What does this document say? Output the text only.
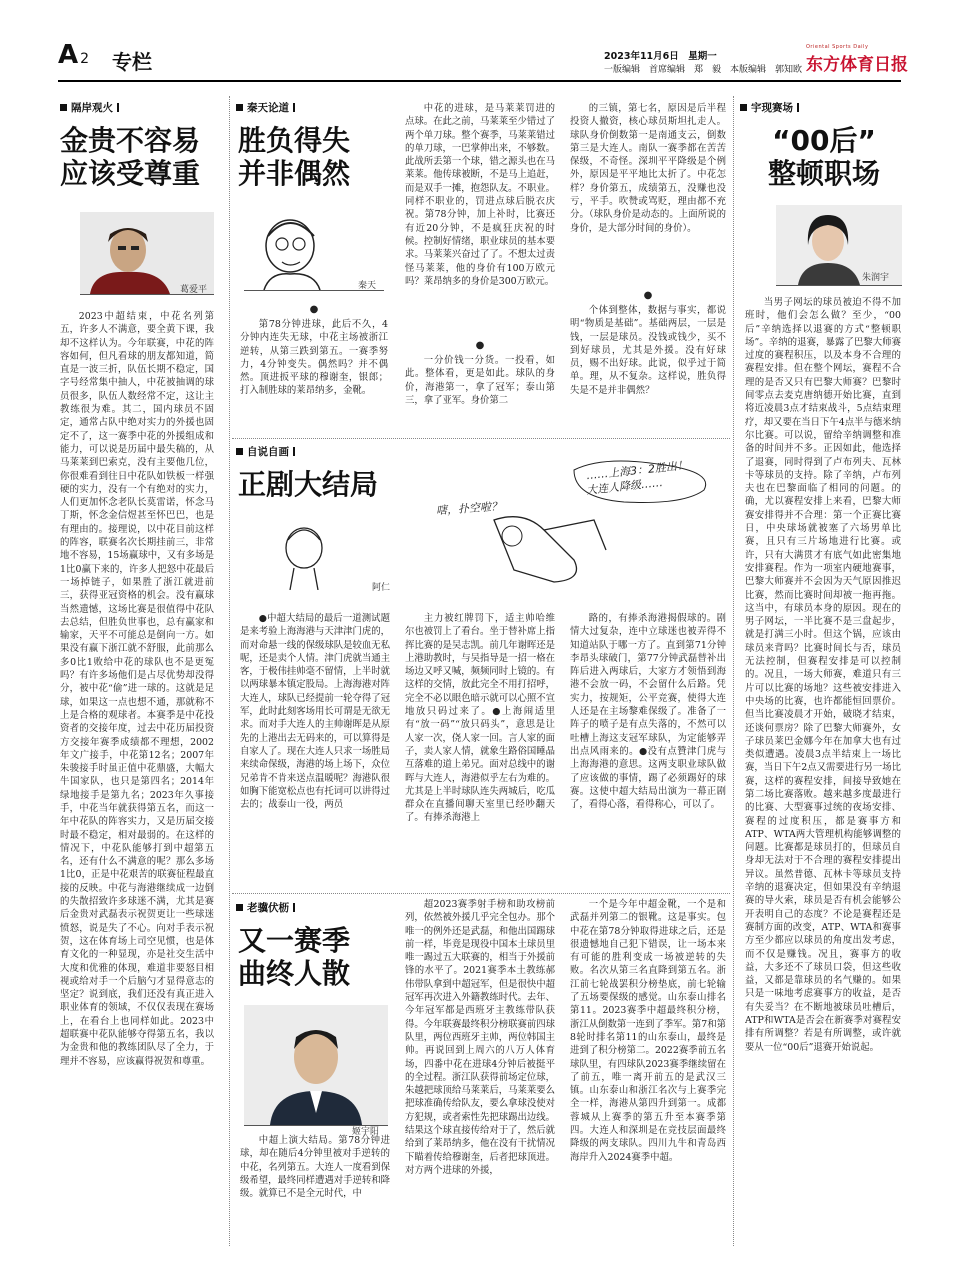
A 2 专栏	2023年11月6日　星期一
一版编辑　首席编辑　郑　毅　本版编辑　郭知欧
Oriental Sports Daily
东方体育日报
隔岸观火
金贵不容易
应该受尊重
葛爱平

2023中超结束，中花名列第五，许多人不满意，要全黄下课，我却不这样认为。今年联赛，中花的阵容如何，但凡看球的朋友都知道，简直是一波三折，队伍长期不稳定，国字号经常集中抽人，中花被抽调的球员很多，队伍人数经常不定，这让主教练很为难。其二，国内球员不固定，通常占队中绝对实力的外援也固定不了，这一赛季中花的外援组成和能力，可以说是历届中最失稿的，从马莱莱到巴索克，没有主要他几位，你很难看到往日中花队如铁板一样强硬的实力，没有一个有绝对的实力，人们更加怀念老队长莫雷诺，怀念马丁斯，怀念金信煜甚至怀巴巴，也是有理由的。接理说，以中花目前这样的阵容，联赛名次长期挂前三，非常地不容易，15场赢球中，又有多场是1比0赢下来的，许多人把怒中花最后一场掉链子，如果胜了浙江就进前三，获得亚冠资格的机会。没有赢球当然遗憾，这场比赛是很值得中花队去总结，但胜负世事也，总有赢家和输家，天平不可能总是倒向一方。如果没有赢下浙江就不舒服，此前那么多0比1败给中花的球队也不是更冤吗？有许多场他们是占尽优势却没得分，被中花“偷”进一球的。这就是足球，如果这一点也想不通，那就称不上是合格的观球者。本赛季是中花投资者的交接年度，过去中花历届投资方交接年赛季成绩都不理想，2002年文广接手，中花第12名；2007年朱骏接手时虽正值中花鼎盛，大幅大牛国家队，也只是第四名；2014年绿地接手是第九名；2023年久事接手，中花当年就获得第五名，而这一年中花队的阵容实力，又是历届交接时最不稳定，相对最弱的。在这样的情况下，中花队能够打到中超第五名，还有什么不满意的呢？那么多场1比0，正是中花艰苦的联赛征程最直接的反映。中花与海港继续成一边倒的失散招致许多球迷不满，尤其是赛后金贵对武磊表示祝贺更让一些球迷愤怒，说是失了不心。向对手表示祝贺，这在体育场上司空见惯，也是体育文化的一种显现，亦是社交生活中大度和优雅的体现，难道非要怒目相视或给对手一个后脑勺才显得意志的坚定？说到底，我们还没有真正进入职业体育的领域，不仅仅表现在赛场上，在看台上也同样如此。2023中超联赛中花队能够夺得第五名，我以为金贵和他的教练团队尽了全力，于理并不容易，应该赢得祝贺和尊重。

秦天论道
胜负得失
并非偶然
秦天
●

第78分钟进球，此后不久，4分钟内连失无球，中花主场被浙江逆转，从第三跌到第五。一赛季努力，4分钟变失。偶然吗？并不偶然。顶进扳平球的穆谢奎，银郎；打入制胜球的莱昂纳多，金靴。

中花的进球，是马莱莱罚进的点球。在此之前，马莱莱至少错过了两个单刀球。整个赛季，马莱莱错过的单刀球，一巴掌伸出来，不够数。此战所丢第一个球，错之源头也在马莱莱。他传球被断，不是马上追赶，而是双手一摊，抱怨队友。不职业。同样不职业的，罚进点球后脱衣庆祝。第78分钟，加上补时，比赛还有近20分钟，不是疯狂庆祝的时候。控制好情绪，职业球员的基本要求。马莱莱兴奋过了了。不想太过责怪马莱莱，他的身价有100万欧元吗？莱昂纳多的身价是300万欧元。

●

一分价钱一分货。一投看，如此。整体看，更是如此。球队的身价，海港第一，拿了冠军；泰山第三，拿了亚军。身价第二

的三镇，第七名，原因是后半程投资人撤资，核心球员斯坦扎走人。球队身价倒数第一是南通支云，倒数第三是大连人。南队一赛季都在苦苦保级，不奇怪。深圳平平降级是个例外，原因是平平地比太折了。中花怎样？身价第五，成绩第五，没赚也没亏，平手。吹赞或骂贬，理由都不充分。（球队身价是动态的。上面所说的身价，是大部分时间的身价）。

●

个体到整体，数据与事实，都说明“物质是基础”。基础两层，一层是钱，一层是球员。没钱或钱少，买不到好球员，尤其是外援。没有好球员，赐不出好球。此说，似乎过于简单。理，从不复杂。这样说，胜负得失是不是并非偶然？

自说自画
正剧大结局	……上海3：2胜出！
大连人降级……
嗐，扑空啦？
阿仁

●中超大结局的最后一道测试题是来考验上海海港与天津津门虎的，而对命悬一线的保级球队是较血无私呢，还是卖个人情。津门虎就当通主客，于极伟挂帅毫不留情，上半时就以两球暴本镇定股局。上海海港对阵大连人，球队已经提前一轮夺得了冠军，此时此刻客场用长可谓是无欲无求。而对手大连人的主帅谢晖是从原先的上港出去无码来的，可以算得是自家人了。现在大连人只求一场胜局来续命保级，海港的场上场下，众位兄弟肯不肯来送点温暖呢？海港队很如胸下能宽松点也有托词可以讲得过去的；战泰山一役，两员

主力被红牌罚下，适主帅哈维尔也被罚上了看台。坐于替补席上指挥比赛的是吴志凯。前几年谢晖还是上港助教时，与吴指导是一招一格在场边又呼又喊，频频同时上镜的。有这样的交情，放此完全不用打招呼，完全不必以眼色暗示就可以心照不宣地放只码过来了。●上海闹适里有“放一码”“放只码头”，意思是让人家一次，侥人家一回。言人家的面子，卖人家人情，就象生路俗国睡晶互落难的道上弟兄。面对总线中的谢晖与大连人，海港似乎左右为难的。尤其是上半时球队连失两城后，吃瓜群众在直播间聊天室里已经吵翻天了。有捧杀海港上

路的，有捧杀海港揭假球的。剧情大过复杂，连中立球迷也被弄得不知道站队于哪一方了。直到第71分钟李昂头球破门，第77分钟武磊替补出阵后进入两球后，大家方才领悟到海港不会放一码，不会留什么后路。凭实力，按规矩，公平竞赛，使得大连人还是在主场黎难保级了。准备了一阵子的喷子是有点失落的，不然可以吐槽上海这支冠军球队，为定能够弄出点风雨来的。●没有点贊津门虎与上海海港的意思。这两支职业球队做了应该做的事情，踢了必须踢好的球赛。这使中超大结局出演为一幕正剧了，看得心落，看得称心，可以了。

老骥伏枥
又一赛季
曲终人散
姬宇阳

中超上演大结局。第78分钟进球，却在随后4分钟里被对手逆转的中花，名列第五。大连人一度看到保级希望，最终同样遭遇对手逆转和降级。就算已不是全元时代，中

超2023赛季射手榜和助攻榜前列，依然被外援几乎完全包办。那个唯一的例外还是武磊，和他出国踢球前一样，毕竟是现役中国本土球员里唯一踢过五大联赛的，相当于外援前锋的水平了。2021赛季本土教练郝伟带队拿到中超冠军，但是很快中超冠军再次进入外籍教练时代。去年、今年冠军都是西班牙主教练带队获得。今年联赛最终积分榜联赛前四球队里，两位西班牙主帅，两位韩国主帅。再说回到上周六的八万人体育场，四番中花在进球4分钟后被挺平的全过程。浙江队获得前场定位球，朱越把球顶给马莱莱后，马莱莱要么把球准确传给队友，要么拿球没使对方犯规，或者索性先把球踢出边线。结果这个球直接传给对于了，然后就给到了莱昂纳多，他在没有干扰情况下瞄着传给穆谢奎，后者把球顶进。对方两个进球的外援，

一个是今年中超金靴，一个是和武磊并列第二的银靴。这是事实。包中花在第78分钟取得进球之后，还是很遗憾地自己犯下错误，让一场本来有可能的胜利变成一场被逆转的失败。名次从第三名直降到第五名。浙江前七轮战罢积分榜垫底，前七轮输了五场要保级的感觉。山东泰山排名第11。2023赛季中超最终积分榜，浙江从倒数第一连到了季军。第7和第8轮时排名第11的山东泰山，最终是进到了积分榜第二。2022赛季前五名球队里，有四球队2023赛季继续留在了前五，唯一离开前五的是武汉三镇。山东泰山和浙江名次与上赛季完全一样，海港从第四升到第一。成都蓉城从上赛季的第五升至本赛季第四。大连人和深圳是在竞技层面最终降级的两支球队。四川九牛和青岛西海岸升入2024赛季中超。

宇现赛场
“00后”
整顿职场
朱润宇

当男子网坛的球员被迫不得不加班时，他们会怎么做？至少，“00后”辛纳选择以退赛的方式“整顿职场”。辛纳的退赛，暴露了巴黎大师赛过度的赛程积压，以及本身不合理的赛程安排。但在整个网坛，赛程不合理的是否又只有巴黎大师赛？巴黎时间零点去麦克唐纳德开始比赛，直到将近凌晨3点才结束战斗，5点结束理疗，却又要在当日下午4点半与德米纳尔比赛。可以说，留给辛纳调整和准备的时间并不多。正因如此，他选择了退赛，同时得到了卢布列夫、瓦林卡等球员的支持。除了辛纳，卢布列夫也在巴黎面临了相同的问题。的确，尤以赛程安排上来看，巴黎大师赛安排得并不合理：第一个正赛比赛日，中央球场就被塞了六场男单比赛，且只有三片场地进行比赛。或许，只有大满贯才有底气如此密集地安排赛程。作为一项室内硬地赛事，巴黎大师赛并不会因为天气原因推迟比赛，然而比赛时间却被一拖再拖。这当中，有球员本身的原因。现在的男子网坛，一半比赛不是三盘起步，就是打满三小时。但这个锅，应该由球员来背吗？比赛时间长与否，球员无法控制，但赛程安排是可以控制的。况且，一场大师赛，难道只有三片可以比赛的场地？这些被安排进入中央场的比赛，也许都能恒回票价。但当比赛凌晨才开始，破晓才结束，还谈何票房？除了巴黎大师赛外，女子球员莱巴金娜今年在加拿大也有过类似遭遇。凌晨3点半结束上一场比赛，当日下午2点又需要进行另一场比赛，这样的赛程安排，间接导致她在第二场比赛落败。越来越多度最进行的比赛、大型赛事过统的夜场安排、赛程的过度积压，都是赛事方和ATP、WTA两大管理机构能够调整的问题。比赛都是球员打的，但球员自身却无法对于不合理的赛程安排提出异议。虽然普德、瓦林卡等球员支持辛纳的退赛决定，但如果没有辛纳退赛的导火索，球员是否有机会能够公开表明自己的态度？不论是赛程还是赛制方面的改变，ATP、WTA和赛事方至少都应以球员的角度出发考虑，而不仅是赚钱。况且，赛事方的收益，大多还不了球员口袋，但这些收益，又都是靠球员的名气赚的。如果只是一味地考虑赛事方的收益，是否有失妥当？在不断地被球员吐槽后，ATP和WTA是否会在新赛季对赛程安排有所调整？若是有所调整，或许就要从一位“00后”退赛开始说起。
